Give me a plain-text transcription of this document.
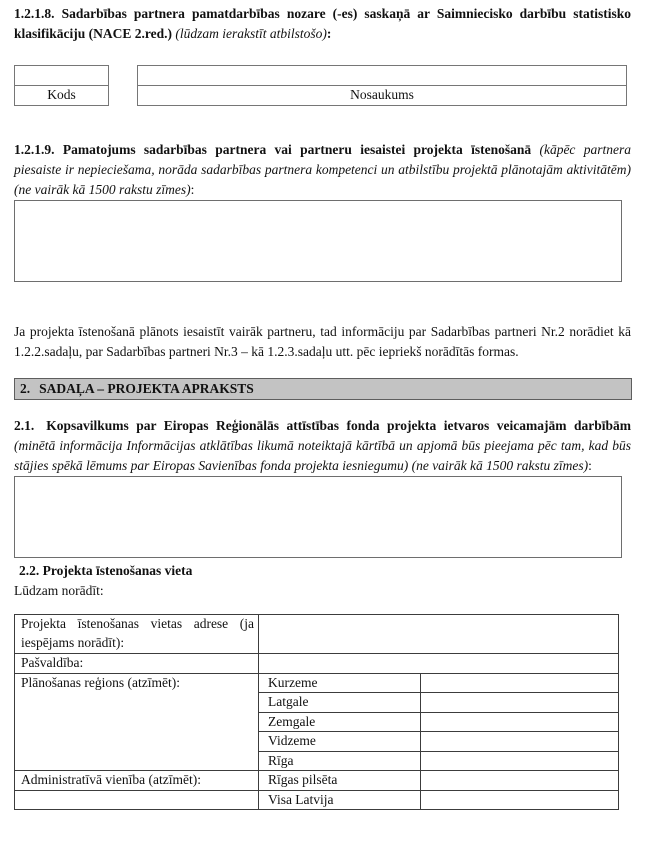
1.2.1.8. Sadarbības partnera pamatdarbības nozare (-es) saskaņā ar Saimniecisko darbību statistisko klasifikāciju (NACE 2.red.) (lūdzam ierakstīt atbilstošo):

Kods	Nosaukums

1.2.1.9. Pamatojums sadarbības partnera vai partneru iesaistei projekta īstenošanā (kāpēc partnera piesaiste ir nepieciešama, norāda sadarbības partnera kompetenci un atbilstību projektā plānotajām aktivitātēm) (ne vairāk kā 1500 rakstu zīmes):

Ja projekta īstenošanā plānots iesaistīt vairāk partneru, tad informāciju par Sadarbības partneri Nr.2 norādiet kā 1.2.2.sadaļu, par Sadarbības partneri Nr.3 – kā 1.2.3.sadaļu utt. pēc iepriekš norādītās formas.

2. SADAĻA – PROJEKTA APRAKSTS

2.1. Kopsavilkums par Eiropas Reģionālās attīstības fonda projekta ietvaros veicamajām darbībām (minētā informācija Informācijas atklātības likumā noteiktajā kārtībā un apjomā būs pieejama pēc tam, kad būs stājies spēkā lēmums par Eiropas Savienības fonda projekta iesniegumu) (ne vairāk kā 1500 rakstu zīmes):

2.2. Projekta īstenošanas vieta

Lūdzam norādīt:

Projekta īstenošanas vietas adrese (ja iespējams norādīt):		
Pašvaldība:		
Plānošanas reģions (atzīmēt):	Kurzeme	
	Latgale	
	Zemgale	
	Vidzeme	
	Rīga	
Administratīvā vienība (atzīmēt):	Rīgas pilsēta	
	Visa Latvija	
